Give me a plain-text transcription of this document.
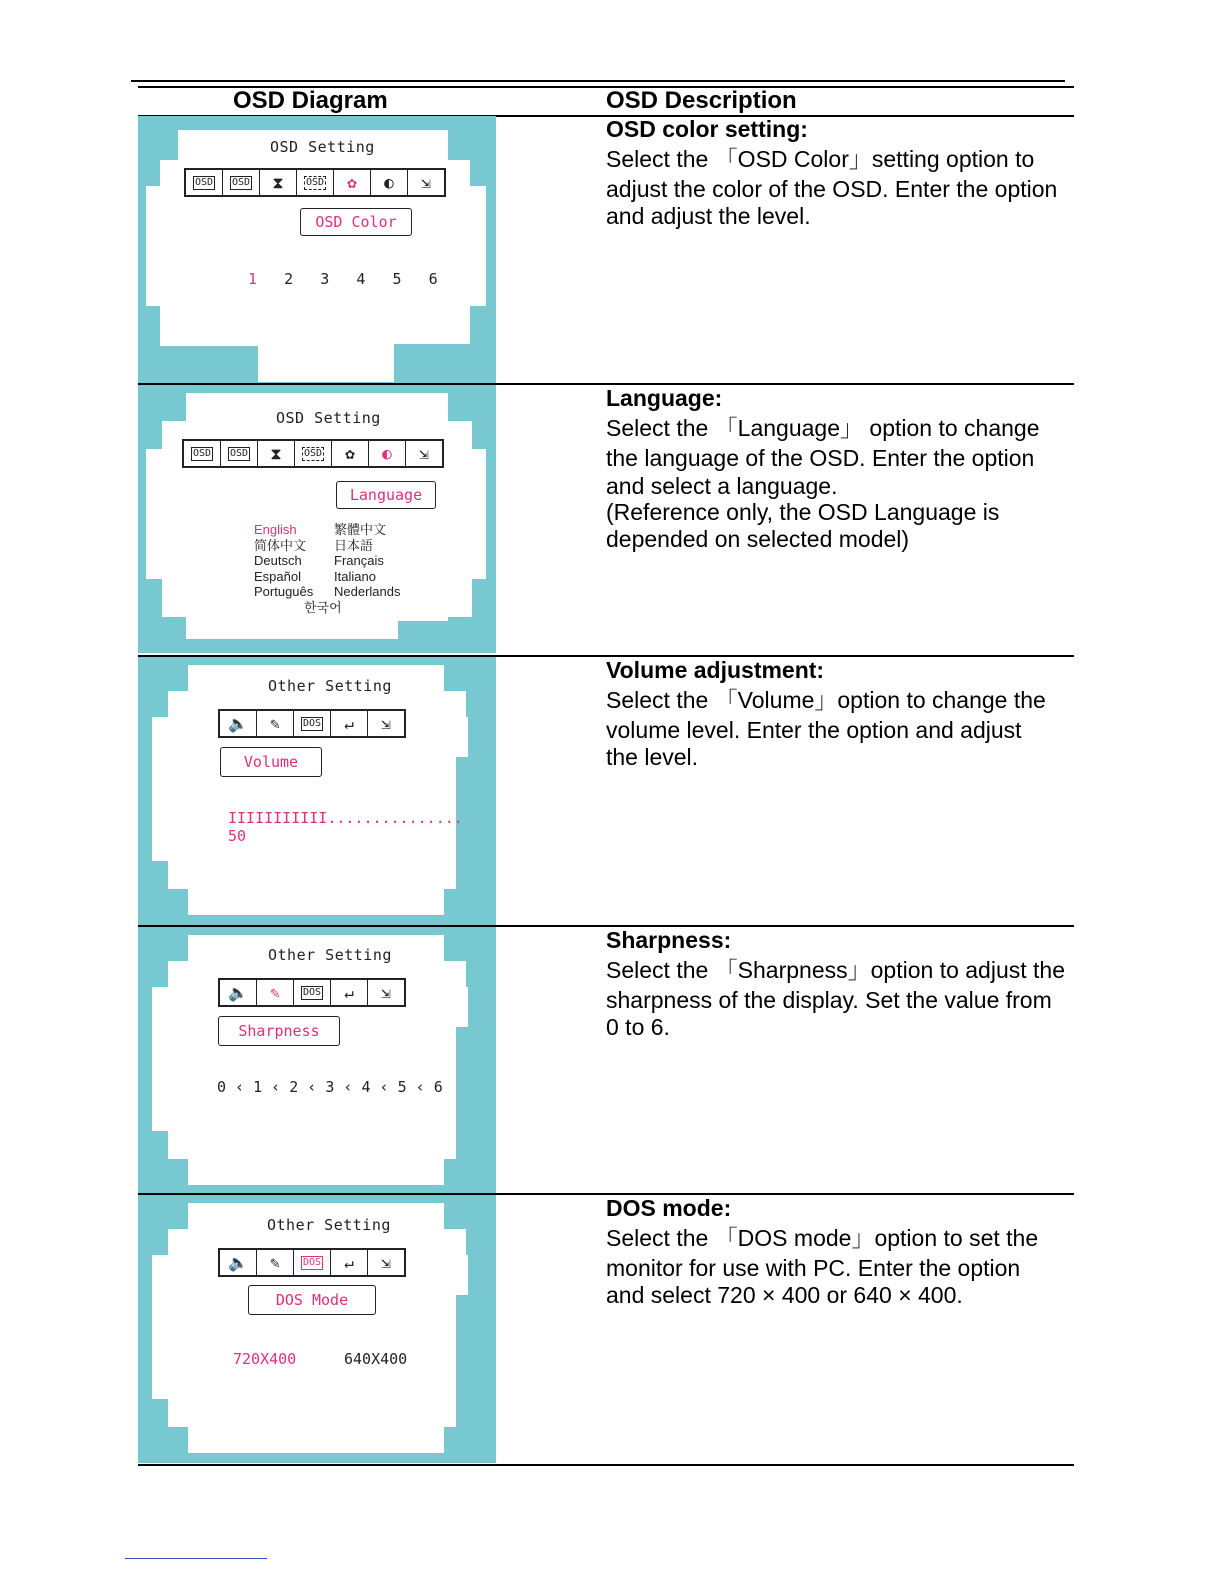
OSD Diagram	OSD Description
OSD Setting
OSD OSD ⧗ OSD ✿ ◐ ⇲
OSD Color
1 2 3 4 5 6
OSD color setting:
Select the 「OSD Color」setting option to
adjust the color of the OSD. Enter the option
and adjust the level.
OSD Setting
OSD OSD ⧗ OSD ✿ ◐ ⇲
Language
English
简体中文
Deutsch
Español
Português
繁體中文
日本語
Français
Italiano
Nederlands
한국어
Language:
Select the 「Language」 option to change
the language of the OSD. Enter the option
and select a language.
(Reference only, the OSD Language is
depended on selected model)
Other Setting
🔈 ✎ DOS ↵ ⇲
Volume
IIIIIIIIIII...............    50
Volume adjustment:
Select the 「Volume」option to change the
volume level. Enter the option and adjust
the level.
Other Setting
🔈 ✎ DOS ↵ ⇲
Sharpness
0 ‹ 1 ‹ 2 ‹ 3 ‹ 4 ‹ 5 ‹ 6
Sharpness:
Select the 「Sharpness」option to adjust the
sharpness of the display. Set the value from
0 to 6.
Other Setting
🔈 ✎ DOS ↵ ⇲
DOS Mode
720X400	640X400
DOS mode:
Select the 「DOS mode」option to set the
monitor for use with PC. Enter the option
and select 720 × 400 or 640 × 400.
